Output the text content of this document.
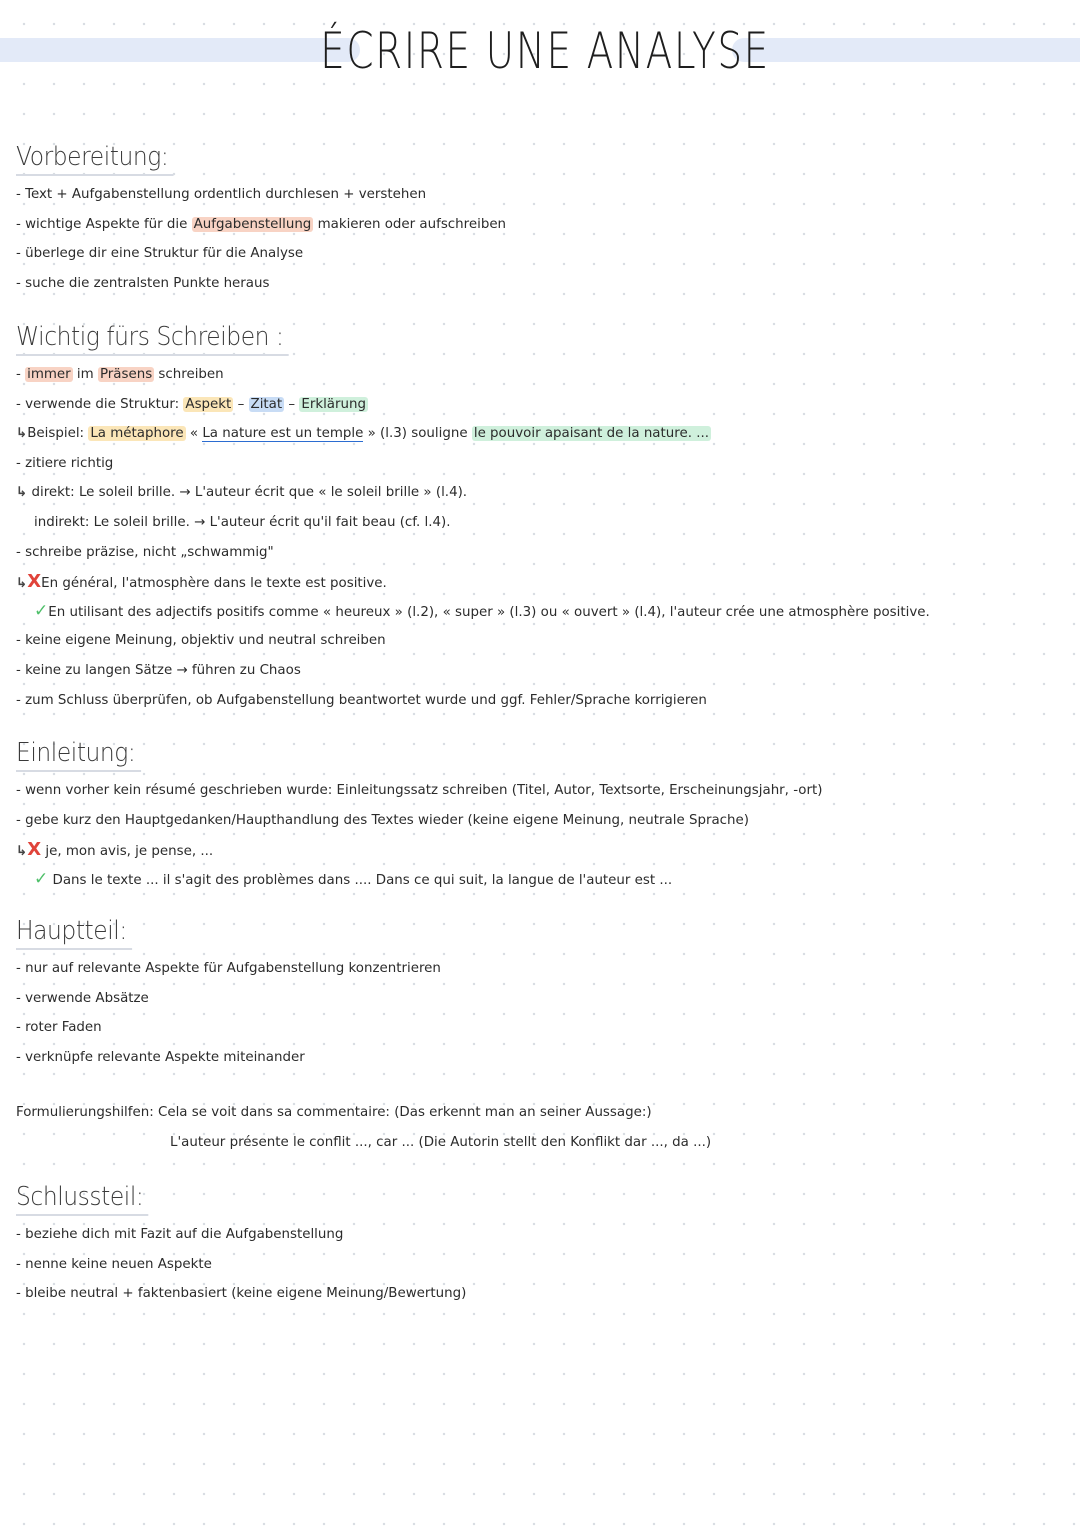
ÉCRIRE UNE ANALYSE
Vorbereitung:
- Text + Aufgabenstellung ordentlich durchlesen + verstehen
- wichtige Aspekte für die Aufgabenstellung makieren oder aufschreiben
- überlege dir eine Struktur für die Analyse
- suche die zentralsten Punkte heraus
Wichtig fürs Schreiben :
- immer im Präsens schreiben
- verwende die Struktur: Aspekt – Zitat – Erklärung
↳Beispiel: La métaphore « La nature est un temple » (l.3) souligne le pouvoir apaisant de la nature. ...
- zitiere richtig
↳ direkt: Le soleil brille. → L'auteur écrit que « le soleil brille » (l.4).
indirekt: Le soleil brille. → L'auteur écrit qu'il fait beau (cf. l.4).
- schreibe präzise, nicht „schwammig"
↳XEn général, l'atmosphère dans le texte est positive.
✓En utilisant des adjectifs positifs comme « heureux » (l.2), « super » (l.3) ou « ouvert » (l.4), l'auteur crée une atmosphère positive.
- keine eigene Meinung, objektiv und neutral schreiben
- keine zu langen Sätze → führen zu Chaos
- zum Schluss überprüfen, ob Aufgabenstellung beantwortet wurde und ggf. Fehler/Sprache korrigieren
Einleitung:
- wenn vorher kein résumé geschrieben wurde: Einleitungssatz schreiben (Titel, Autor, Textsorte, Erscheinungsjahr, -ort)
- gebe kurz den Hauptgedanken/Haupthandlung des Textes wieder (keine eigene Meinung, neutrale Sprache)
↳X je, mon avis, je pense, ...
✓ Dans le texte ... il s'agit des problèmes dans .... Dans ce qui suit, la langue de l'auteur est ...
Hauptteil:
- nur auf relevante Aspekte für Aufgabenstellung konzentrieren
- verwende Absätze
- roter Faden
- verknüpfe relevante Aspekte miteinander
Formulierungshilfen: Cela se voit dans sa commentaire: (Das erkennt man an seiner Aussage:)
L'auteur présente le conflit ..., car ... (Die Autorin stellt den Konflikt dar ..., da ...)
Schlussteil:
- beziehe dich mit Fazit auf die Aufgabenstellung
- nenne keine neuen Aspekte
- bleibe neutral + faktenbasiert (keine eigene Meinung/Bewertung)
